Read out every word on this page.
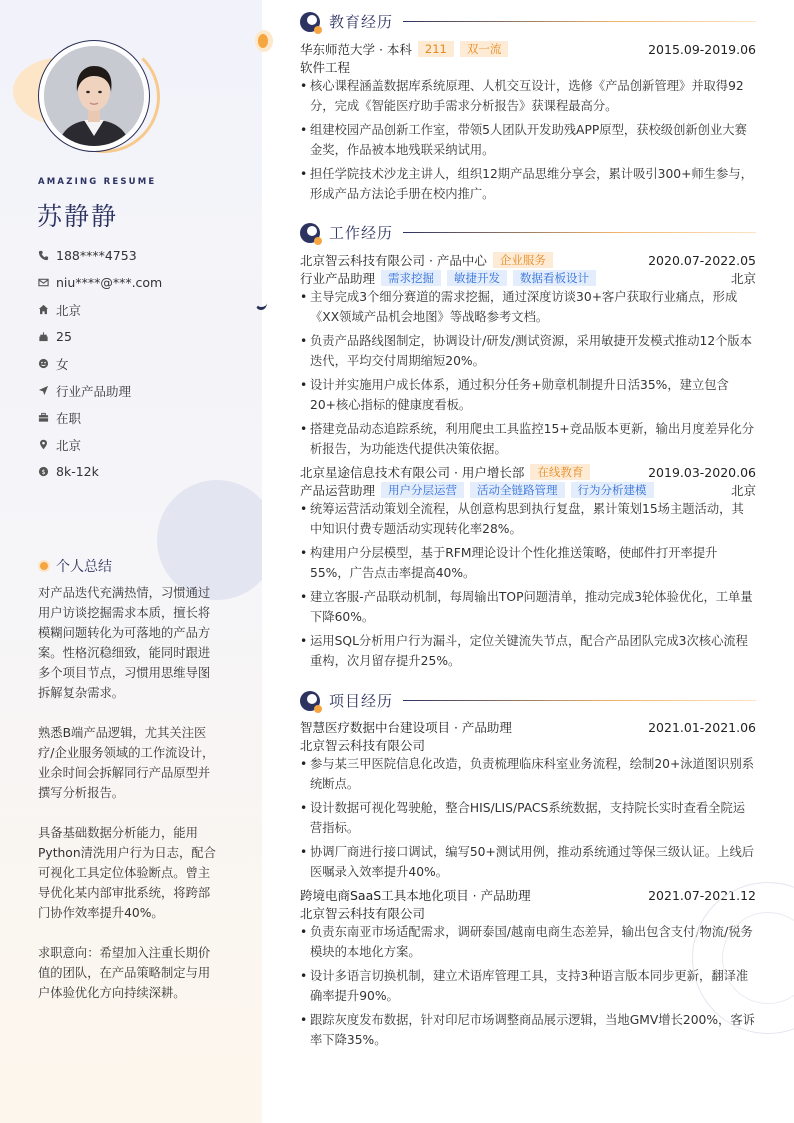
AMAZING RESUME
苏静静
188****4753
niu****@***.com
北京
25
女
行业产品助理
在职
北京
$ 8k-12k
个人总结

对产品迭代充满热情，习惯通过用户访谈挖掘需求本质，擅长将模糊问题转化为可落地的产品方案。性格沉稳细致，能同时跟进多个项目节点，习惯用思维导图拆解复杂需求。

熟悉B端产品逻辑，尤其关注医疗/企业服务领域的工作流设计，业余时间会拆解同行产品原型并撰写分析报告。

具备基础数据分析能力，能用Python清洗用户行为日志，配合可视化工具定位体验断点。曾主导优化某内部审批系统，将跨部门协作效率提升40%。

求职意向：希望加入注重长期价值的团队，在产品策略制定与用户体验优化方向持续深耕。

教育经历
华东师范大学 · 本科	211	双一流	2015.09-2019.06
软件工程
• 核心课程涵盖数据库系统原理、人机交互设计，选修《产品创新管理》并取得92分，完成《智能医疗助手需求分析报告》获课程最高分。
• 组建校园产品创新工作室，带领5人团队开发助残APP原型，获校级创新创业大赛金奖，作品被本地残联采纳试用。
• 担任学院技术沙龙主讲人，组织12期产品思维分享会，累计吸引300+师生参与，形成产品方法论手册在校内推广。
工作经历
北京智云科技有限公司 · 产品中心	企业服务	2020.07-2022.05
行业产品助理	需求挖掘	敏捷开发	数据看板设计	北京
• 主导完成3个细分赛道的需求挖掘，通过深度访谈30+客户获取行业痛点，形成《XX领域产品机会地图》等战略参考文档。
• 负责产品路线图制定，协调设计/研发/测试资源，采用敏捷开发模式推动12个版本迭代，平均交付周期缩短20%。
• 设计并实施用户成长体系，通过积分任务+勋章机制提升日活35%，建立包含20+核心指标的健康度看板。
• 搭建竞品动态追踪系统，利用爬虫工具监控15+竞品版本更新，输出月度差异化分析报告，为功能迭代提供决策依据。
北京星途信息技术有限公司 · 用户增长部	在线教育	2019.03-2020.06
产品运营助理	用户分层运营	活动全链路管理	行为分析建模	北京
• 统筹运营活动策划全流程，从创意构思到执行复盘，累计策划15场主题活动，其中知识付费专题活动实现转化率28%。
• 构建用户分层模型，基于RFM理论设计个性化推送策略，使邮件打开率提升55%，广告点击率提高40%。
• 建立客服-产品联动机制，每周输出TOP问题清单，推动完成3轮体验优化，工单量下降60%。
• 运用SQL分析用户行为漏斗，定位关键流失节点，配合产品团队完成3次核心流程重构，次月留存提升25%。
项目经历
智慧医疗数据中台建设项目 · 产品助理	2021.01-2021.06
北京智云科技有限公司
• 参与某三甲医院信息化改造，负责梳理临床科室业务流程，绘制20+泳道图识别系统断点。
• 设计数据可视化驾驶舱，整合HIS/LIS/PACS系统数据，支持院长实时查看全院运营指标。
• 协调厂商进行接口调试，编写50+测试用例，推动系统通过等保三级认证。上线后医嘱录入效率提升40%。
跨境电商SaaS工具本地化项目 · 产品助理	2021.07-2021.12
北京智云科技有限公司
• 负责东南亚市场适配需求，调研泰国/越南电商生态差异，输出包含支付/物流/税务模块的本地化方案。
• 设计多语言切换机制，建立术语库管理工具，支持3种语言版本同步更新，翻译准确率提升90%。
• 跟踪灰度发布数据，针对印尼市场调整商品展示逻辑，当地GMV增长200%，客诉率下降35%。
